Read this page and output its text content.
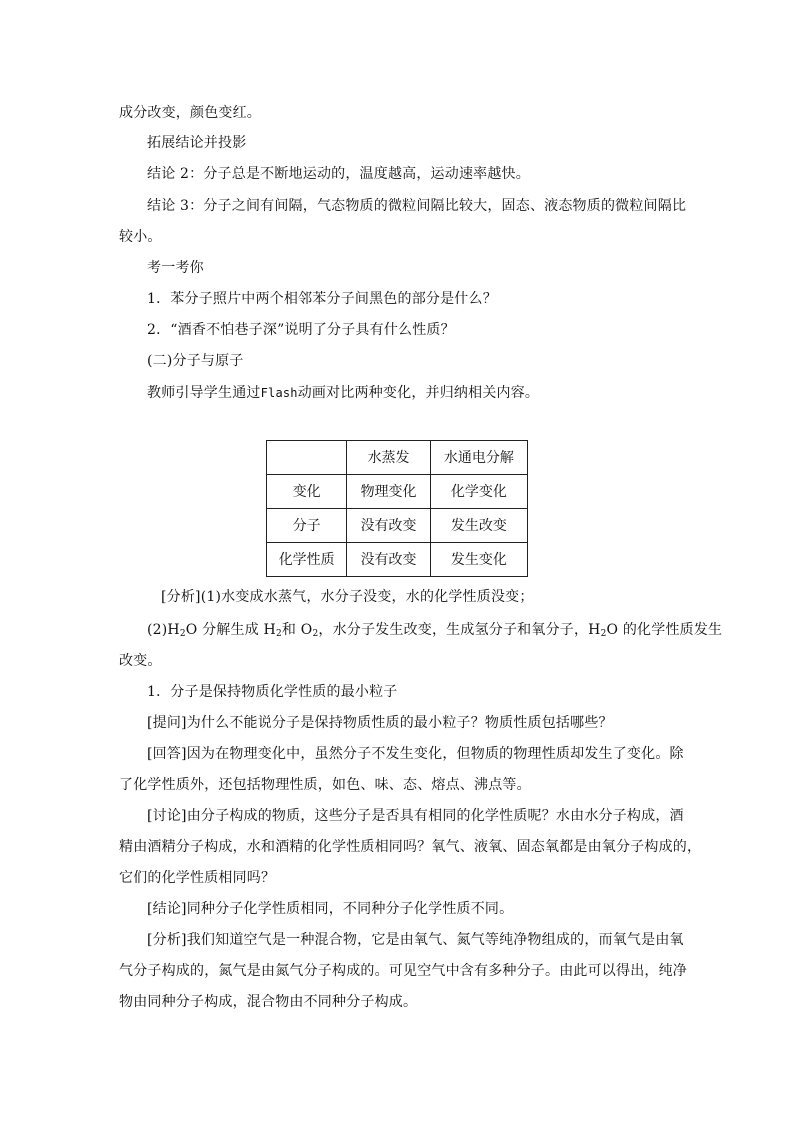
成分改变，颜色变红。
拓展结论并投影
结论 2：分子总是不断地运动的，温度越高，运动速率越快。
结论 3：分子之间有间隔，气态物质的微粒间隔比较大，固态、液态物质的微粒间隔比
较小。
考一考你
1．苯分子照片中两个相邻苯分子间黑色的部分是什么？
2．“酒香不怕巷子深”说明了分子具有什么性质？
(二)分子与原子
教师引导学生通过Flash动画对比两种变化，并归纳相关内容。
	水蒸发	水通电分解
变化	物理变化	化学变化
分子	没有改变	发生改变
化学性质	没有改变	发生变化
[分析](1)水变成水蒸气，水分子没变，水的化学性质没变；
$(2)H_2O$ 分解生成 $H_2$和 $O_2$，水分子发生改变，生成氢分子和氧分子，$H_2O$ 的化学性质发生
改变。
1．分子是保持物质化学性质的最小粒子
[提问]为什么不能说分子是保持物质性质的最小粒子？物质性质包括哪些？
[回答]因为在物理变化中，虽然分子不发生变化，但物质的物理性质却发生了变化。除
了化学性质外，还包括物理性质，如色、味、态、熔点、沸点等。
[讨论]由分子构成的物质，这些分子是否具有相同的化学性质呢？水由水分子构成，酒
精由酒精分子构成，水和酒精的化学性质相同吗？氧气、液氧、固态氧都是由氧分子构成的，
它们的化学性质相同吗？
[结论]同种分子化学性质相同，不同种分子化学性质不同。
[分析]我们知道空气是一种混合物，它是由氧气、氮气等纯净物组成的，而氧气是由氧
气分子构成的，氮气是由氮气分子构成的。可见空气中含有多种分子。由此可以得出，纯净
物由同种分子构成，混合物由不同种分子构成。
